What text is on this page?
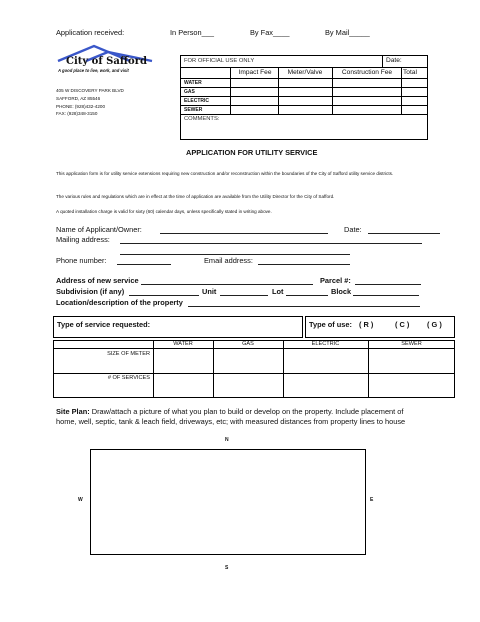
Application received:	In Person___	By Fax____	By Mail_____
City of Safford
A good place to live, work, and visit
405 W DISCOVERY PARK BLVD
SAFFORD, AZ 85546
PHONE: (928)432-4200
FAX: (928)348-3150
FOR OFFICIAL USE ONLY	Date:
Impact Fee	Meter/Valve	Construction Fee	Total
WATER
GAS
ELECTRIC
SEWER
COMMENTS:
APPLICATION FOR UTILITY SERVICE
This application form is for utility service extensions requiring new construction and/or reconstruction within the boundaries of the City of Safford utility service districts.
The various rules and regulations which are in effect at the time of application are available from the Utility Director for the City of Safford.
A quoted installation charge is valid for sixty (60) calendar days, unless specifically stated in writing above.
Name of Applicant/Owner:	Date:
Mailing address:
Phone number:	Email address:
Address of new service	Parcel #:
Subdivision (if any)	Unit	Lot	Block
Location/description of the property
Type of service requested:	Type of use: ( R )	( C ) ( G )
WATER	GAS	ELECTRIC	SEWER
SIZE OF METER
# OF SERVICES
Site Plan: Draw/attach a picture of what you plan to build or develop on the property. Include placement of
home, well, septic, tank & leach field, driveways, etc; with measured distances from property lines to house
N
W	E
S
